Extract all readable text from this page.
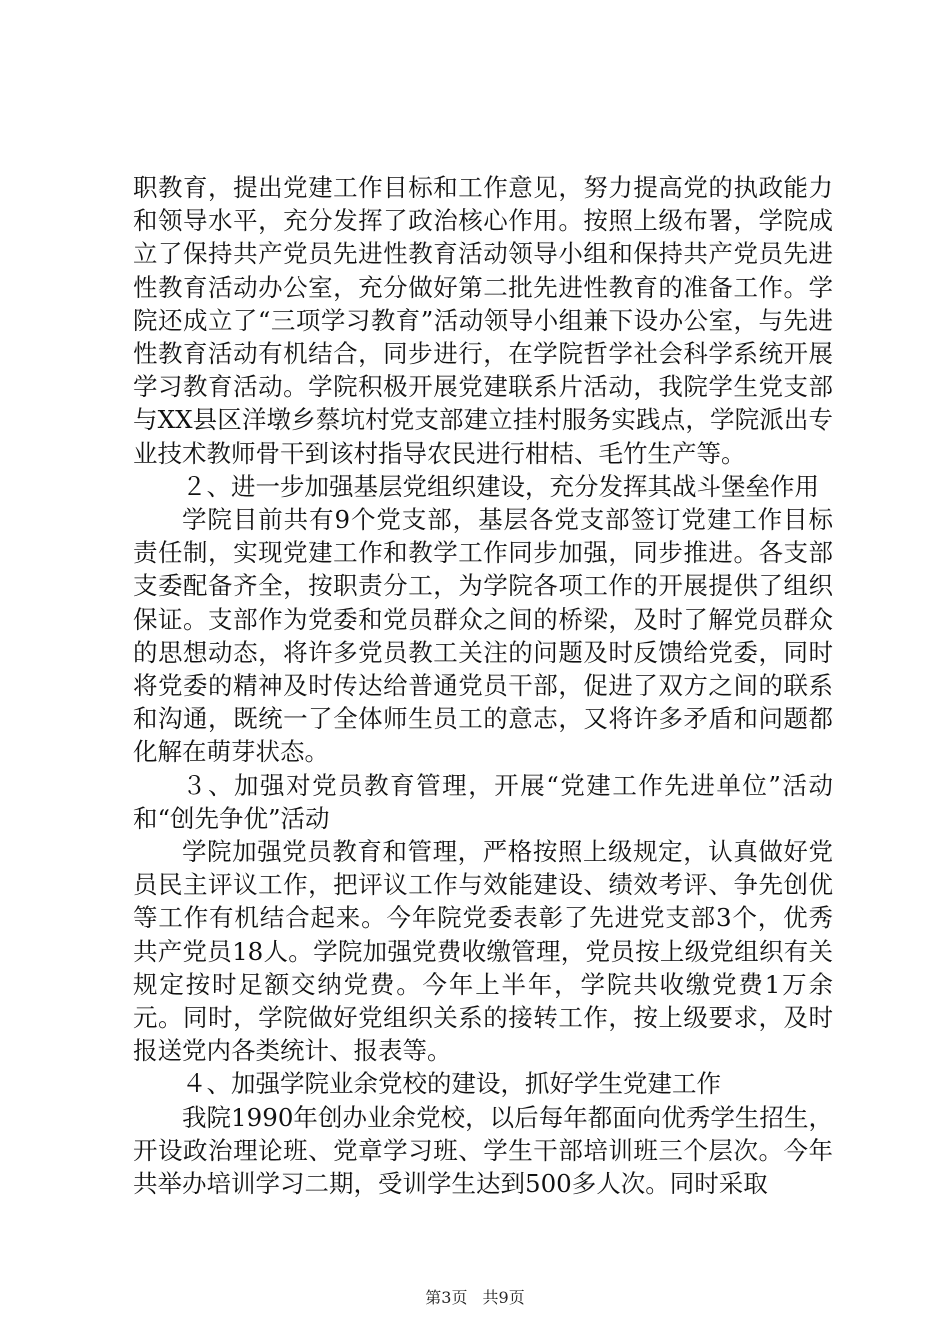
职教育，提出党建工作目标和工作意见，努力提高党的执政能力和领导水平，充分发挥了政治核心作用。按照上级布署，学院成立了保持共产党员先进性教育活动领导小组和保持共产党员先进性教育活动办公室，充分做好第二批先进性教育的准备工作。学院还成立了“三项学习教育”活动领导小组兼下设办公室，与先进性教育活动有机结合，同步进行，在学院哲学社会科学系统开展学习教育活动。学院积极开展党建联系片活动，我院学生党支部与XX县区洋墩乡蔡坑村党支部建立挂村服务实践点，学院派出专业技术教师骨干到该村指导农民进行柑桔、毛竹生产等。

２、进一步加强基层党组织建设，充分发挥其战斗堡垒作用

学院目前共有9个党支部，基层各党支部签订党建工作目标责任制，实现党建工作和教学工作同步加强，同步推进。各支部支委配备齐全，按职责分工，为学院各项工作的开展提供了组织保证。支部作为党委和党员群众之间的桥梁，及时了解党员群众的思想动态，将许多党员教工关注的问题及时反馈给党委，同时将党委的精神及时传达给普通党员干部，促进了双方之间的联系和沟通，既统一了全体师生员工的意志，又将许多矛盾和问题都化解在萌芽状态。

３、加强对党员教育管理，开展“党建工作先进单位”活动和“创先争优”活动

学院加强党员教育和管理，严格按照上级规定，认真做好党员民主评议工作，把评议工作与效能建设、绩效考评、争先创优等工作有机结合起来。今年院党委表彰了先进党支部3个，优秀共产党员18人。学院加强党费收缴管理，党员按上级党组织有关规定按时足额交纳党费。今年上半年，学院共收缴党费1万余元。同时，学院做好党组织关系的接转工作，按上级要求，及时报送党内各类统计、报表等。

４、加强学院业余党校的建设，抓好学生党建工作

我院1990年创办业余党校，以后每年都面向优秀学生招生，开设政治理论班、党章学习班、学生干部培训班三个层次。今年共举办培训学习二期，受训学生达到500多人次。同时采取

第3页 共9页
